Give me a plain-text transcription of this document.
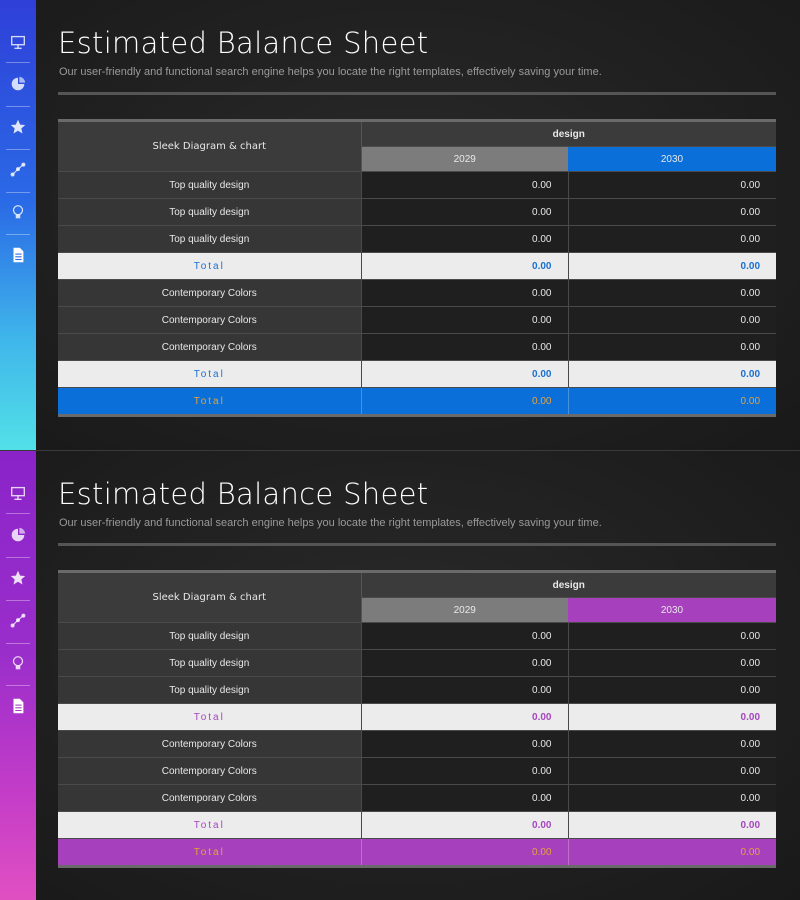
Estimated Balance Sheet
Our user-friendly and functional search engine helps you locate the right templates, effectively saving your time.
Sleek Diagram & chart	design	
	2029	2030
Top quality design	0.00	0.00
Top quality design	0.00	0.00
Top quality design	0.00	0.00
Total	0.00	0.00
Contemporary Colors	0.00	0.00
Contemporary Colors	0.00	0.00
Contemporary Colors	0.00	0.00
Total	0.00	0.00
Total	0.00	0.00
Estimated Balance Sheet
Our user-friendly and functional search engine helps you locate the right templates, effectively saving your time.
Sleek Diagram & chart	design	
	2029	2030
Top quality design	0.00	0.00
Top quality design	0.00	0.00
Top quality design	0.00	0.00
Total	0.00	0.00
Contemporary Colors	0.00	0.00
Contemporary Colors	0.00	0.00
Contemporary Colors	0.00	0.00
Total	0.00	0.00
Total	0.00	0.00
